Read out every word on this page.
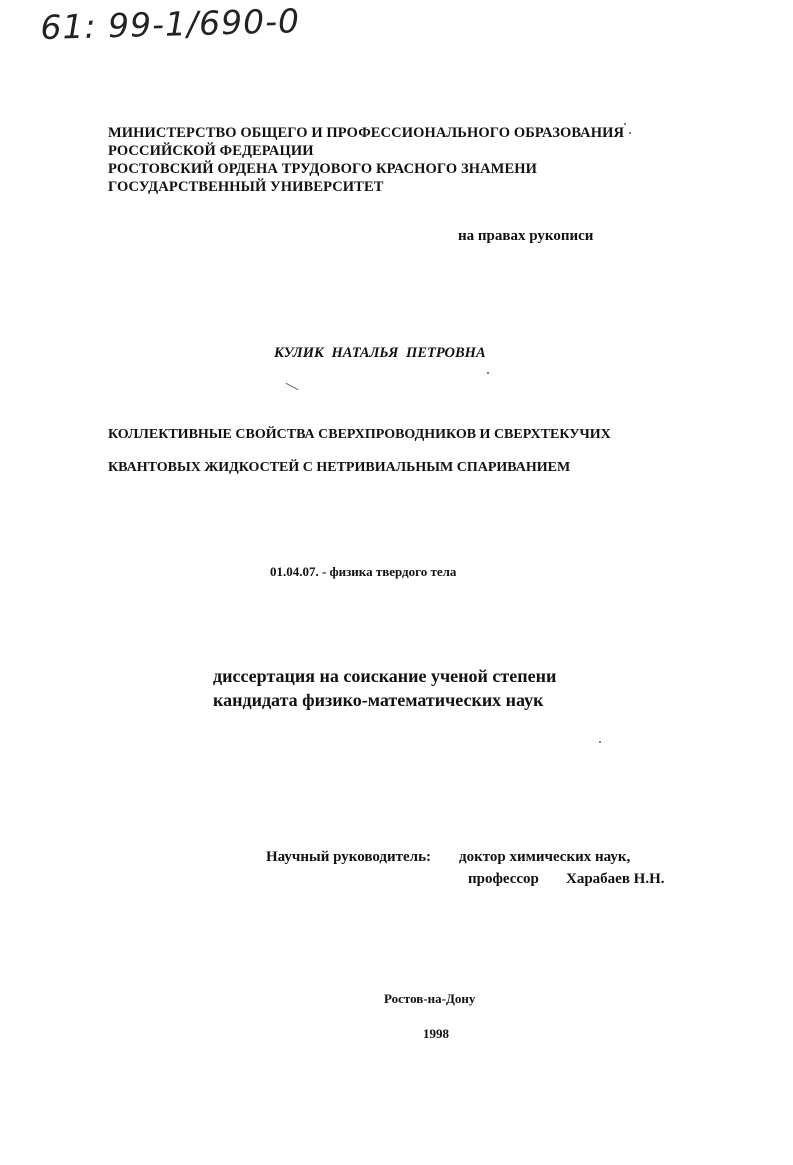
61: 99-1/690-0
МИНИСТЕРСТВО ОБЩЕГО И ПРОФЕССИОНАЛЬНОГО ОБРАЗОВАНИЯ
РОССИЙСКОЙ ФЕДЕРАЦИИ
РОСТОВСКИЙ ОРДЕНА ТРУДОВОГО КРАСНОГО ЗНАМЕНИ
ГОСУДАРСТВЕННЫЙ УНИВЕРСИТЕТ
на правах рукописи
КУЛИК НАТАЛЬЯ ПЕТРОВНА
КОЛЛЕКТИВНЫЕ СВОЙСТВА СВЕРХПРОВОДНИКОВ И СВЕРХТЕКУЧИХ
КВАНТОВЫХ ЖИДКОСТЕЙ С НЕТРИВИАЛЬНЫМ СПАРИВАНИЕМ
01.04.07. - физика твердого тела
диссертация на соискание ученой степени
кандидата физико-математических наук
Научный руководитель: доктор химических наук,
профессор Харабаев Н.Н.
Ростов-на-Дону
1998
